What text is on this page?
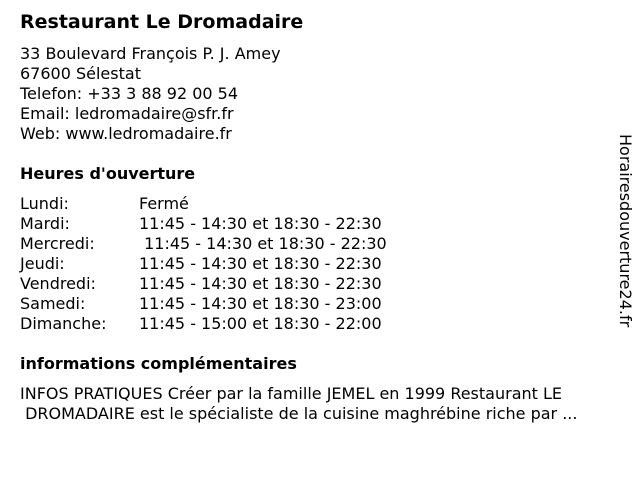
Restaurant Le Dromadaire
33 Boulevard François P. J. Amey
67600 Sélestat
Telefon: +33 3 88 92 00 54
Email: ledromadaire@sfr.fr
Web: www.ledromadaire.fr
Heures d'ouverture
Lundi:	Fermé
Mardi:	11:45 - 14:30 et 18:30 - 22:30
Mercredi:	11:45 - 14:30 et 18:30 - 22:30
Jeudi:	11:45 - 14:30 et 18:30 - 22:30
Vendredi:	11:45 - 14:30 et 18:30 - 22:30
Samedi:	11:45 - 14:30 et 18:30 - 23:00
Dimanche:	11:45 - 15:00 et 18:30 - 22:00
informations complémentaires
INFOS PRATIQUES Créer par la famille JEMEL en 1999 Restaurant LE
DROMADAIRE est le spécialiste de la cuisine maghrébine riche par ...
Horairesdouverture24.fr
